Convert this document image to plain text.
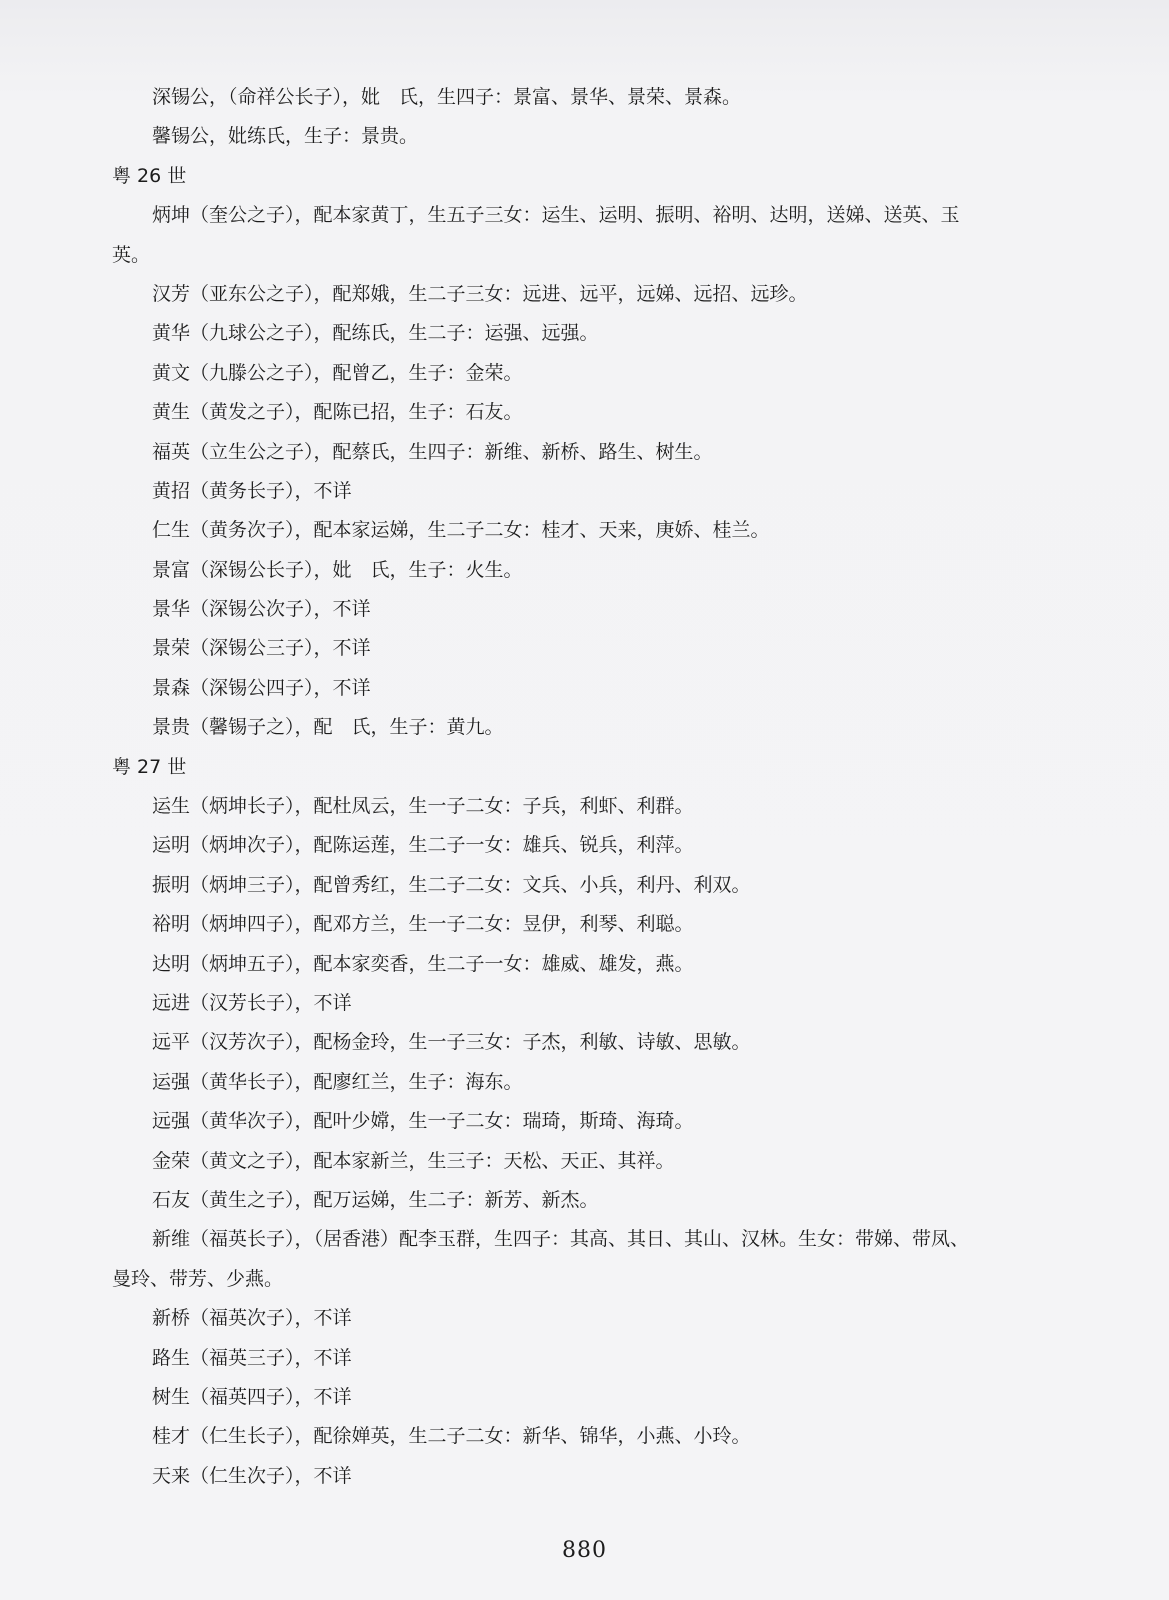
深锡公，（命祥公长子），妣　氏，生四子：景富、景华、景荣、景森。
馨锡公，妣练氏，生子：景贵。
粤 26 世
炳坤（奎公之子），配本家黄丁，生五子三女：运生、运明、振明、裕明、达明，送娣、送英、玉
英。
汉芳（亚东公之子），配郑娥，生二子三女：远进、远平，远娣、远招、远珍。
黄华（九球公之子），配练氏，生二子：运强、远强。
黄文（九滕公之子），配曾乙，生子：金荣。
黄生（黄发之子），配陈已招，生子：石友。
福英（立生公之子），配蔡氏，生四子：新维、新桥、路生、树生。
黄招（黄务长子），不详
仁生（黄务次子），配本家运娣，生二子二女：桂才、天来，庚娇、桂兰。
景富（深锡公长子），妣　氏，生子：火生。
景华（深锡公次子），不详
景荣（深锡公三子），不详
景森（深锡公四子），不详
景贵（馨锡子之），配　氏，生子：黄九。
粤 27 世
运生（炳坤长子），配杜凤云，生一子二女：子兵，利虾、利群。
运明（炳坤次子），配陈运莲，生二子一女：雄兵、锐兵，利萍。
振明（炳坤三子），配曾秀红，生二子二女：文兵、小兵，利丹、利双。
裕明（炳坤四子），配邓方兰，生一子二女：昱伊，利琴、利聪。
达明（炳坤五子），配本家奕香，生二子一女：雄威、雄发，燕。
远进（汉芳长子），不详
远平（汉芳次子），配杨金玲，生一子三女：子杰，利敏、诗敏、思敏。
运强（黄华长子），配廖红兰，生子：海东。
远强（黄华次子），配叶少嫦，生一子二女：瑞琦，斯琦、海琦。
金荣（黄文之子），配本家新兰，生三子：天松、天正、其祥。
石友（黄生之子），配万运娣，生二子：新芳、新杰。
新维（福英长子），（居香港）配李玉群，生四子：其高、其日、其山、汉林。生女：带娣、带凤、
曼玲、带芳、少燕。
新桥（福英次子），不详
路生（福英三子），不详
树生（福英四子），不详
桂才（仁生长子），配徐婵英，生二子二女：新华、锦华，小燕、小玲。
天来（仁生次子），不详
880
